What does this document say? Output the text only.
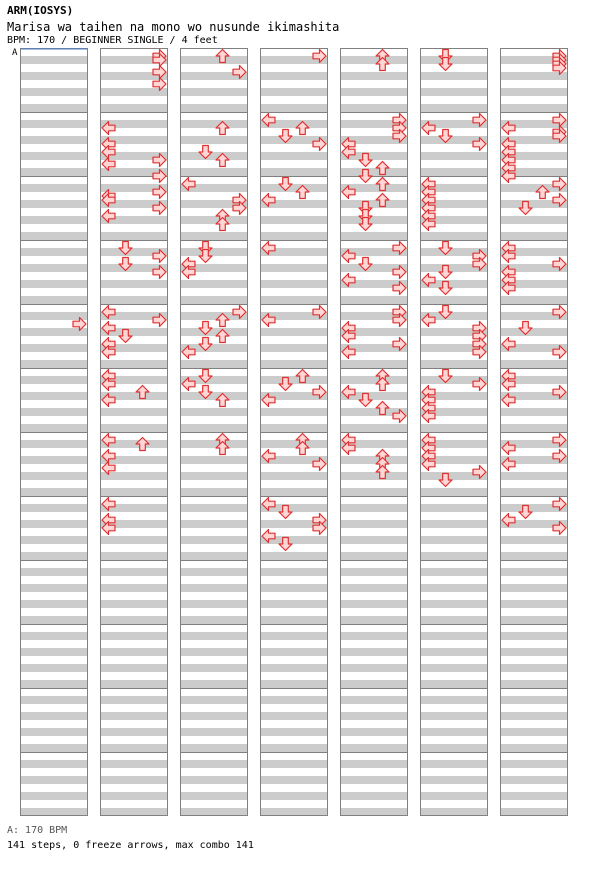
ARM(IOSYS)
Marisa wa taihen na mono wo nusunde ikimashita
BPM: 170 / BEGINNER SINGLE / 4 feet
A
A: 170 BPM
141 steps, 0 freeze arrows, max combo 141
